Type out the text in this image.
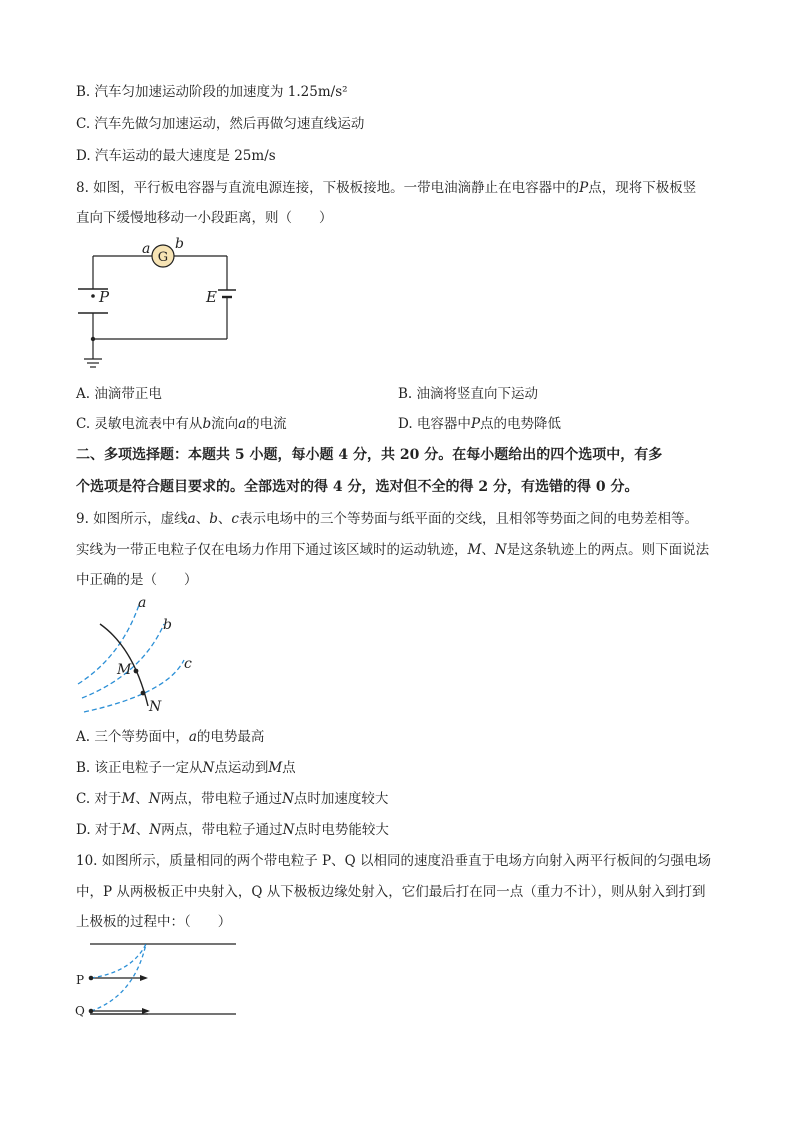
B. 汽车匀加速运动阶段的加速度为 1.25m/s²
C. 汽车先做匀加速运动，然后再做匀速直线运动
D. 汽车运动的最大速度是 25m/s
8. 如图，平行板电容器与直流电源连接，下极板接地。一带电油滴静止在电容器中的P点，现将下极板竖
直向下缓慢地移动一小段距离，则（　　）
G
a b
P	E
A. 油滴带正电	B. 油滴将竖直向下运动
C. 灵敏电流表中有从b流向a的电流	D. 电容器中P点的电势降低
二、多项选择题：本题共 5 小题，每小题 4 分，共 20 分。在每小题给出的四个选项中，有多
个选项是符合题目要求的。全部选对的得 4 分，选对但不全的得 2 分，有选错的得 0 分。
9. 如图所示，虚线a、b、c表示电场中的三个等势面与纸平面的交线，且相邻等势面之间的电势差相等。
实线为一带正电粒子仅在电场力作用下通过该区域时的运动轨迹，M、N是这条轨迹上的两点。则下面说法
中正确的是（　　）
a
b
c
M
N
A. 三个等势面中，a的电势最高
B. 该正电粒子一定从N点运动到M点
C. 对于M、N两点，带电粒子通过N点时加速度较大
D. 对于M、N两点，带电粒子通过N点时电势能较大
10. 如图所示，质量相同的两个带电粒子 P、Q 以相同的速度沿垂直于电场方向射入两平行板间的匀强电场
中，P 从两极板正中央射入，Q 从下极板边缘处射入，它们最后打在同一点（重力不计），则从射入到打到
上极板的过程中：（　　）
P
Q
